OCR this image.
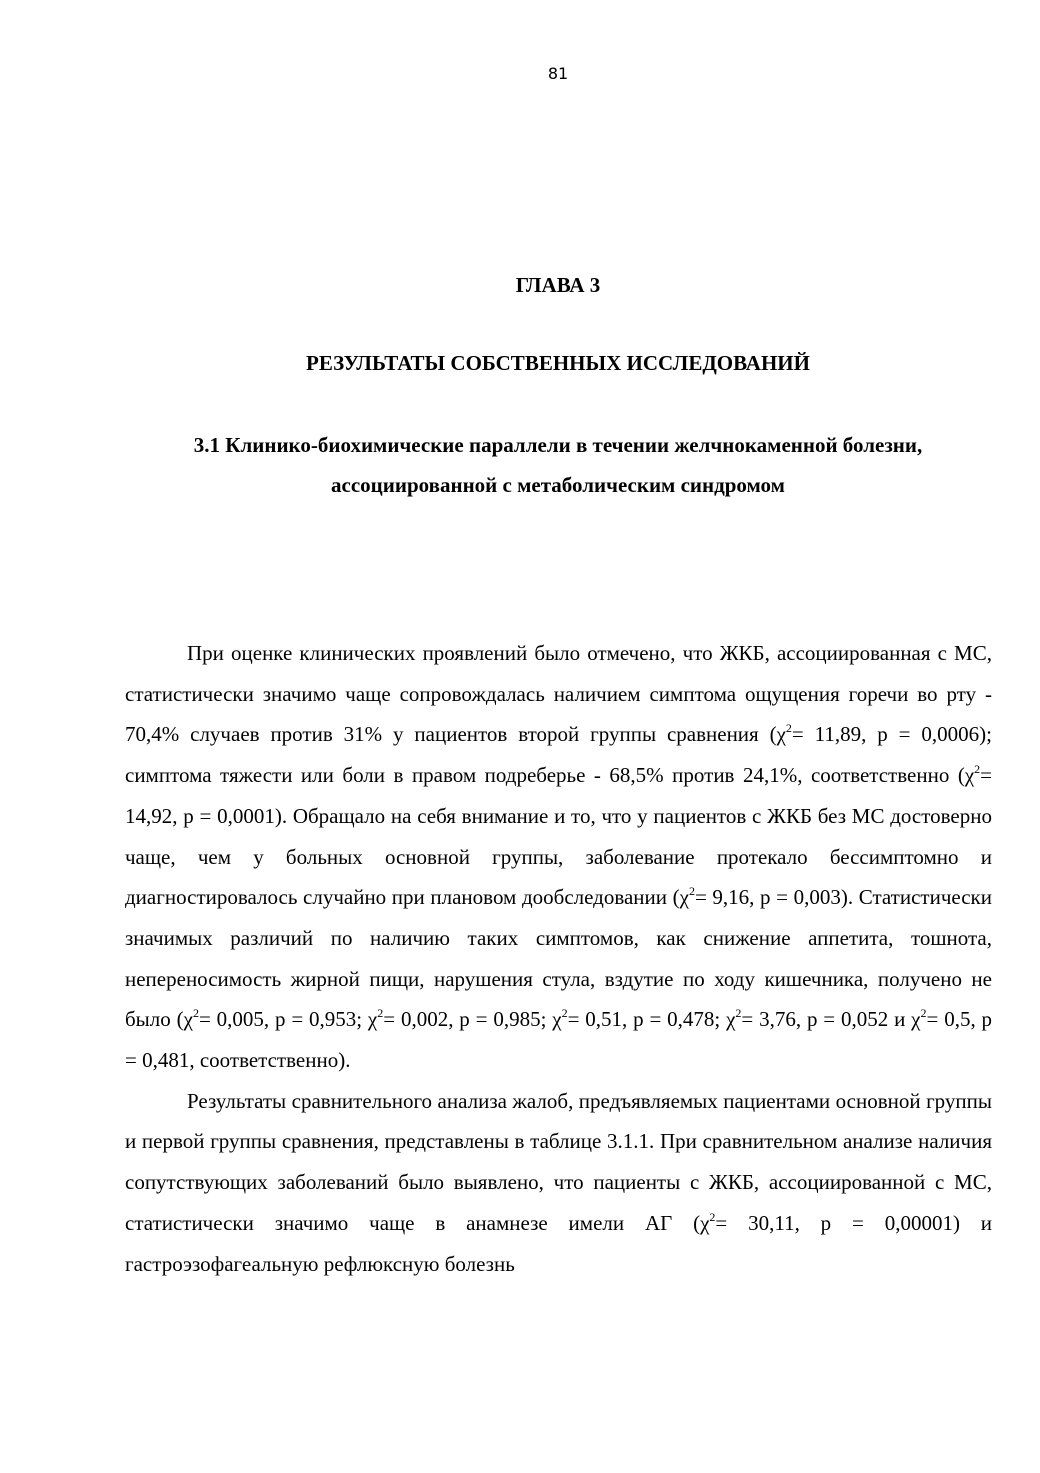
81
ГЛАВА 3
РЕЗУЛЬТАТЫ СОБСТВЕННЫХ ИССЛЕДОВАНИЙ
3.1 Клинико-биохимические параллели в течении желчнокаменной болезни,
ассоциированной с метаболическим синдромом

При оценке клинических проявлений было отмечено, что ЖКБ, ассоциированная с МС, статистически значимо чаще сопровождалась наличием симптома ощущения горечи во рту - 70,4% случаев против 31% у пациентов второй группы сравнения ($\chi^2= 11,89$, р = 0,0006); симптома тяжести или боли в правом подреберье - 68,5% против 24,1%, соответственно ($\chi^2= 14,92$, р = 0,0001). Обращало на себя внимание и то, что у пациентов с ЖКБ без МС достоверно чаще, чем у больных основной группы, заболевание протекало бессимптомно и диагностировалось случайно при плановом дообследовании ($\chi^2= 9,16$, р = 0,003). Статистически значимых различий по наличию таких симптомов, как снижение аппетита, тошнота, непереносимость жирной пищи, нарушения стула, вздутие по ходу кишечника, получено не было ($\chi^2= 0,005$, р = 0,953; $\chi^2= 0,002$, р = 0,985; $\chi^2= 0,51$, р = 0,478; $\chi^2= 3,76$, р = 0,052 и $\chi^2= 0,5$, р = 0,481, соответственно).

Результаты сравнительного анализа жалоб, предъявляемых пациентами основной группы и первой группы сравнения, представлены в таблице 3.1.1. При сравнительном анализе наличия сопутствующих заболеваний было выявлено, что пациенты с ЖКБ, ассоциированной с МС, статистически значимо чаще в анамнезе имели АГ ($\chi^2= 30,11$, р = 0,00001) и гастроэзофагеальную рефлюксную болезнь
